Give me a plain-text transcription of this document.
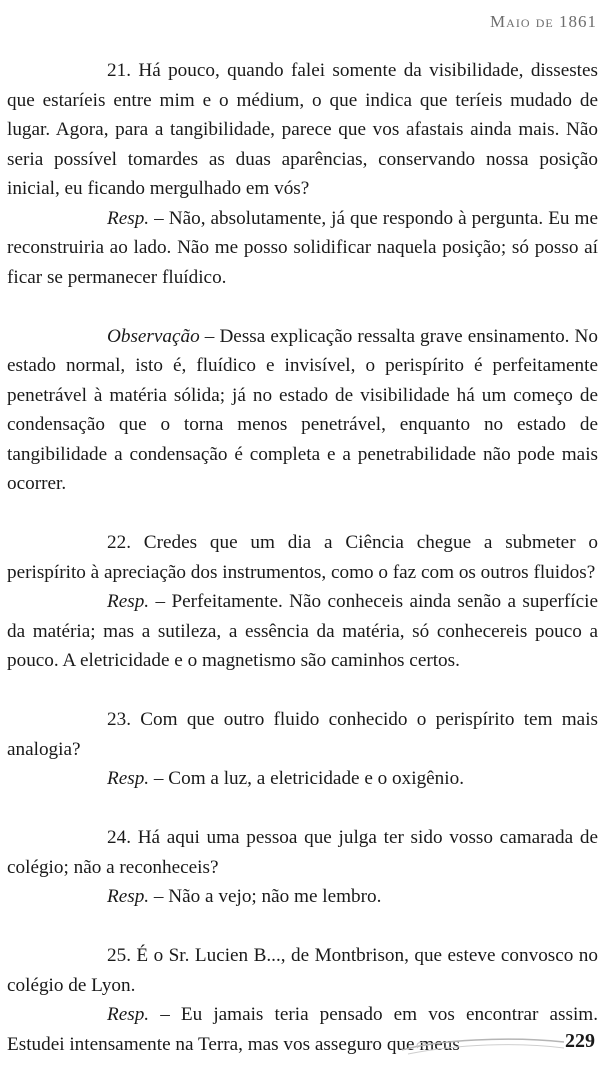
Maio de 1861

21. Há pouco, quando falei somente da visibilidade, dissestes que estaríeis entre mim e o médium, o que indica que teríeis mudado de lugar. Agora, para a tangibilidade, parece que vos afastais ainda mais. Não seria possível tomardes as duas aparências, conservando nossa posição inicial, eu ficando mergulhado em vós?

Resp. – Não, absolutamente, já que respondo à pergunta. Eu me reconstruiria ao lado. Não me posso solidificar naquela posição; só posso aí ficar se permanecer fluídico.

Observação – Dessa explicação ressalta grave ensinamento. No estado normal, isto é, fluídico e invisível, o perispírito é perfeitamente penetrável à matéria sólida; já no estado de visibilidade há um começo de condensação que o torna menos penetrável, enquanto no estado de tangibilidade a condensação é completa e a penetrabilidade não pode mais ocorrer.

22. Credes que um dia a Ciência chegue a submeter o perispírito à apreciação dos instrumentos, como o faz com os outros fluidos?

Resp. – Perfeitamente. Não conheceis ainda senão a superfície da matéria; mas a sutileza, a essência da matéria, só conhecereis pouco a pouco. A eletricidade e o magnetismo são caminhos certos.

23. Com que outro fluido conhecido o perispírito tem mais analogia?

Resp. – Com a luz, a eletricidade e o oxigênio.

24. Há aqui uma pessoa que julga ter sido vosso camarada de colégio; não a reconheceis?

Resp. – Não a vejo; não me lembro.

25. É o Sr. Lucien B..., de Montbrison, que esteve convosco no colégio de Lyon.

Resp. – Eu jamais teria pensado em vos encontrar assim. Estudei intensamente na Terra, mas vos asseguro que meus	229
